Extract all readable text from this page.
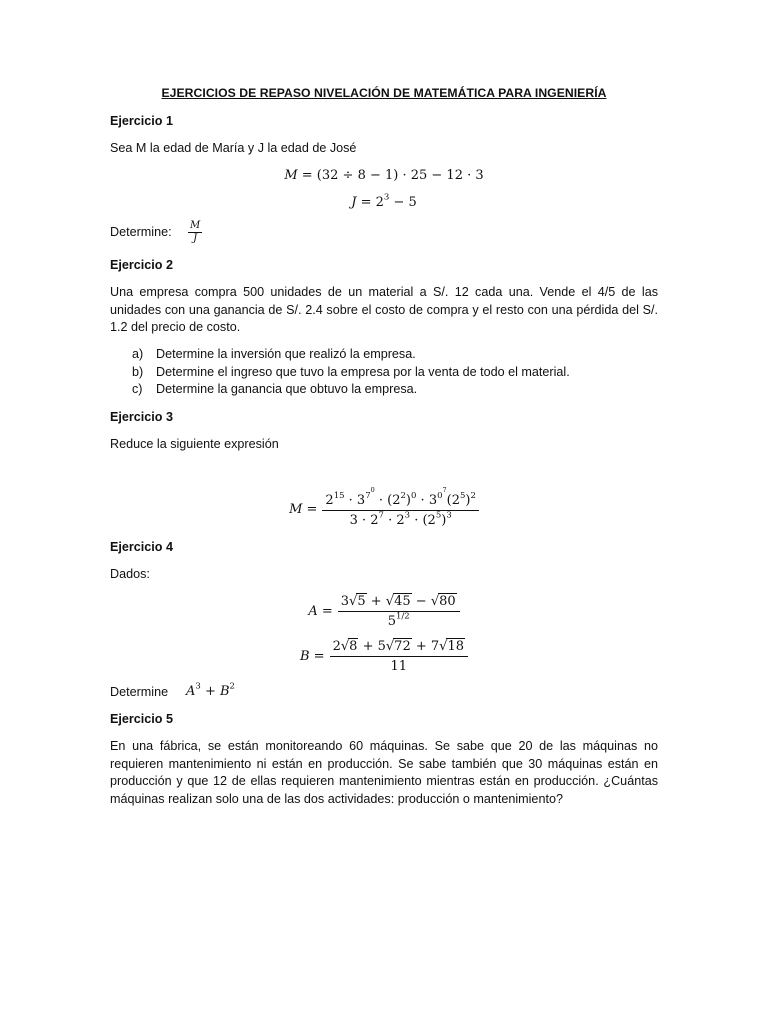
EJERCICIOS DE REPASO NIVELACIÓN DE MATEMÁTICA PARA INGENIERÍA
Ejercicio 1
Sea M la edad de María y J la edad de José
M = (32 ÷ 8 − 1) · 25 − 12 · 3
$J = 2^3 - 5$
Determine: $\frac{M}{J}$
Ejercicio 2
Una empresa compra 500 unidades de un material a S/. 12 cada una. Vende el 4/5 de las unidades con una ganancia de S/. 2.4 sobre el costo de compra y el resto con una pérdida del S/. 1.2 del precio de costo.
a) Determine la inversión que realizó la empresa.
b) Determine el ingreso que tuvo la empresa por la venta de todo el material.
c) Determine la ganancia que obtuvo la empresa.
Ejercicio 3
Reduce la siguiente expresión
$M = \frac{2^{15} \cdot 3^{7^0} \cdot (2^2)^0 \cdot 3^{0^7}(2^5)^2}{3 \cdot 2^7 \cdot 2^3 \cdot (2^5)^3}$
Ejercicio 4
Dados:
$A = \frac{3√5 + √45 - √80}{5^{1/2}}$
$B = \frac{2√8 + 5√72 + 7√18}{11}$
Determine $A^3 + B^2$
Ejercicio 5
En una fábrica, se están monitoreando 60 máquinas. Se sabe que 20 de las máquinas no requieren mantenimiento ni están en producción. Se sabe también que 30 máquinas están en producción y que 12 de ellas requieren mantenimiento mientras están en producción. ¿Cuántas máquinas realizan solo una de las dos actividades: producción o mantenimiento?
